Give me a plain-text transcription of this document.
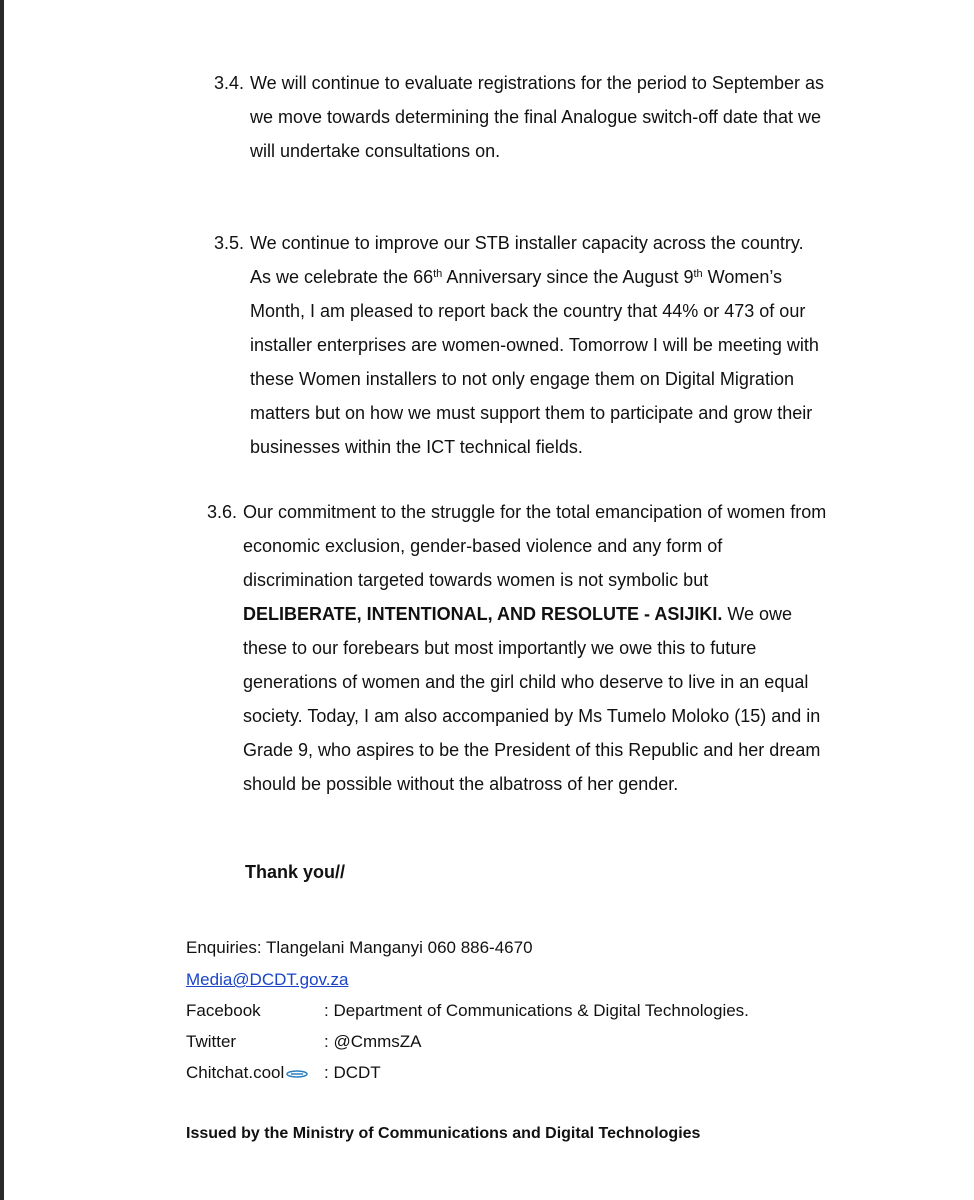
3.4. We will continue to evaluate registrations for the period to September as
we move towards determining the final Analogue switch-off date that we
will undertake consultations on.
3.5. We continue to improve our STB installer capacity across the country.
As we celebrate the 66th Anniversary since the August 9th Women’s
Month, I am pleased to report back the country that 44% or 473 of our
installer enterprises are women-owned. Tomorrow I will be meeting with
these Women installers to not only engage them on Digital Migration
matters but on how we must support them to participate and grow their
businesses within the ICT technical fields.
3.6. Our commitment to the struggle for the total emancipation of women from
economic exclusion, gender-based violence and any form of
discrimination targeted towards women is not symbolic but
DELIBERATE, INTENTIONAL, AND RESOLUTE - ASIJIKI. We owe
these to our forebears but most importantly we owe this to future
generations of women and the girl child who deserve to live in an equal
society. Today, I am also accompanied by Ms Tumelo Moloko (15) and in
Grade 9, who aspires to be the President of this Republic and her dream
should be possible without the albatross of her gender.
Thank you//
Enquiries: Tlangelani Manganyi 060 886-4670
Media@DCDT.gov.za
Facebook	: Department of Communications & Digital Technologies.
Twitter	: @CmmsZA
Chitchat.cool : DCDT
Issued by the Ministry of Communications and Digital Technologies
